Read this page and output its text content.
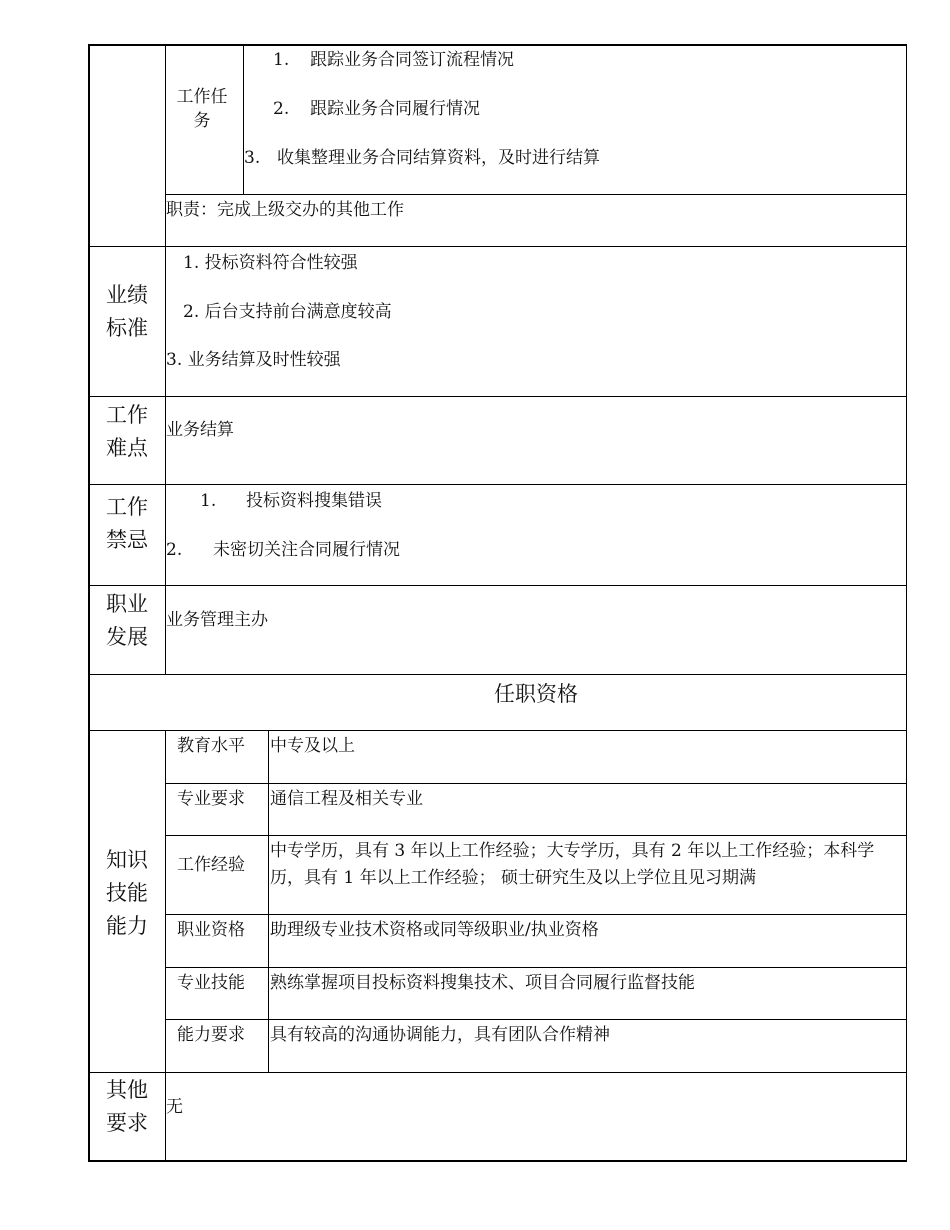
工作任务
1. 跟踪业务合同签订流程情况
2. 跟踪业务合同履行情况
3. 收集整理业务合同结算资料，及时进行结算
职责：完成上级交办的其他工作
业绩标准
1. 投标资料符合性较强
2. 后台支持前台满意度较高
3. 业务结算及时性较强
工作难点
业务结算
工作禁忌
1. 投标资料搜集错误
2. 未密切关注合同履行情况
职业发展
业务管理主办
任职资格
知识技能能力
教育水平 中专及以上
专业要求 通信工程及相关专业
工作经验
中专学历，具有 3 年以上工作经验；大专学历，具有 2 年以上工作经验；本科学历，具有 1 年以上工作经验； 硕士研究生及以上学位且见习期满
职业资格 助理级专业技术资格或同等级职业/执业资格
专业技能 熟练掌握项目投标资料搜集技术、项目合同履行监督技能
能力要求 具有较高的沟通协调能力，具有团队合作精神
其他要求
无
